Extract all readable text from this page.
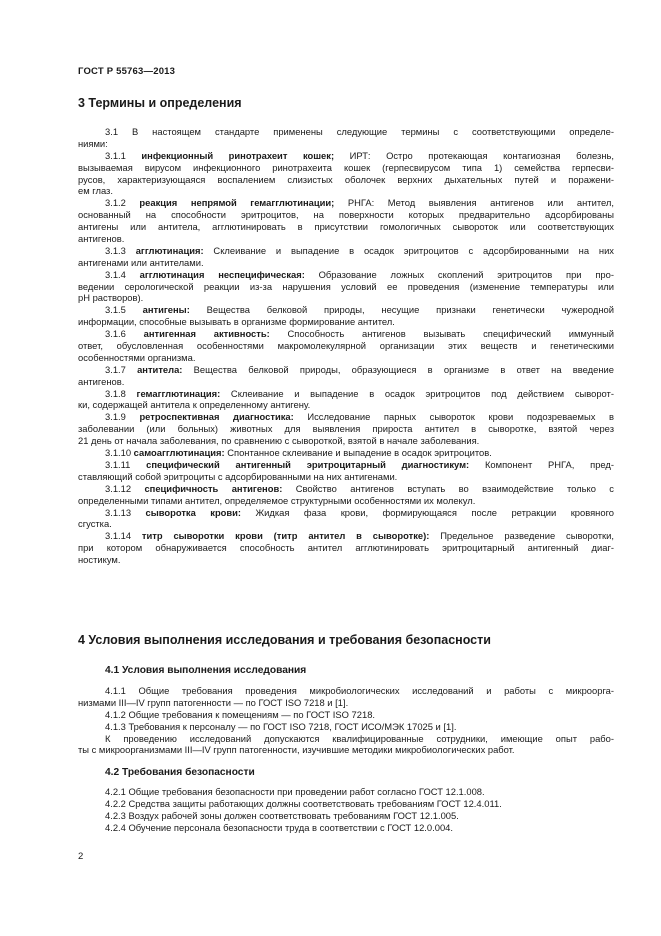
ГОСТ Р 55763—2013

3 Термины и определения

3.1 В настоящем стандарте применены следующие термины с соответствующими определе-
ниями:
3.1.1 инфекционный ринотрахеит кошек; ИРТ: Остро протекающая контагиозная болезнь,
вызываемая вирусом инфекционного ринотрахеита кошек (герпесвирусом типа 1) семейства герпесви-
русов, характеризующаяся воспалением слизистых оболочек верхних дыхательных путей и поражени-
ем глаз.
3.1.2 реакция непрямой гемагглютинации; РНГА: Метод выявления антигенов или антител,
основанный на способности эритроцитов, на поверхности которых предварительно адсорбированы
антигены или антитела, агглютинировать в присутствии гомологичных сывороток или соответствующих
антигенов.
3.1.3 агглютинация: Склеивание и выпадение в осадок эритроцитов с адсорбированными на них
антигенами или антителами.
3.1.4 агглютинация неспецифическая: Образование ложных скоплений эритроцитов при про-
ведении серологической реакции из-за нарушения условий ее проведения (изменение температуры или
pH растворов).
3.1.5 антигены: Вещества белковой природы, несущие признаки генетически чужеродной
информации, способные вызывать в организме формирование антител.
3.1.6 антигенная активность: Способность антигенов вызывать специфический иммунный
ответ, обусловленная особенностями макромолекулярной организации этих веществ и генетическими
особенностями организма.
3.1.7 антитела: Вещества белковой природы, образующиеся в организме в ответ на введение
антигенов.
3.1.8 гемагглютинация: Склеивание и выпадение в осадок эритроцитов под действием сыворот-
ки, содержащей антитела к определенному антигену.
3.1.9 ретроспективная диагностика: Исследование парных сывороток крови подозреваемых в
заболевании (или больных) животных для выявления прироста антител в сыворотке, взятой через
21 день от начала заболевания, по сравнению с сывороткой, взятой в начале заболевания.
3.1.10 самоагглютинация: Спонтанное склеивание и выпадение в осадок эритроцитов.
3.1.11 специфический антигенный эритроцитарный диагностикум: Компонент РНГА, пред-
ставляющий собой эритроциты с адсорбированными на них антигенами.
3.1.12 специфичность антигенов: Свойство антигенов вступать во взаимодействие только с
определенными типами антител, определяемое структурными особенностями их молекул.
3.1.13 сыворотка крови: Жидкая фаза крови, формирующаяся после ретракции кровяного
сгустка.
3.1.14 титр сыворотки крови (титр антител в сыворотке): Предельное разведение сыворотки,
при котором обнаруживается способность антител агглютинировать эритроцитарный антигенный диаг-
ностикум.

4 Условия выполнения исследования и требования безопасности

4.1 Условия выполнения исследования

4.1.1 Общие требования проведения микробиологических исследований и работы с микроорга-
низмами III—IV групп патогенности — по ГОСТ ISO 7218 и [1].
4.1.2 Общие требования к помещениям — по ГОСТ ISO 7218.
4.1.3 Требования к персоналу — по ГОСТ ISO 7218, ГОСТ ИСО/МЭК 17025 и [1].
К проведению исследований допускаются квалифицированные сотрудники, имеющие опыт рабо-
ты с микроорганизмами III—IV групп патогенности, изучившие методики микробиологических работ.

4.2 Требования безопасности

4.2.1 Общие требования безопасности при проведении работ согласно ГОСТ 12.1.008.
4.2.2 Средства защиты работающих должны соответствовать требованиям ГОСТ 12.4.011.
4.2.3 Воздух рабочей зоны должен соответствовать требованиям ГОСТ 12.1.005.
4.2.4 Обучение персонала безопасности труда в соответствии с ГОСТ 12.0.004.
2
